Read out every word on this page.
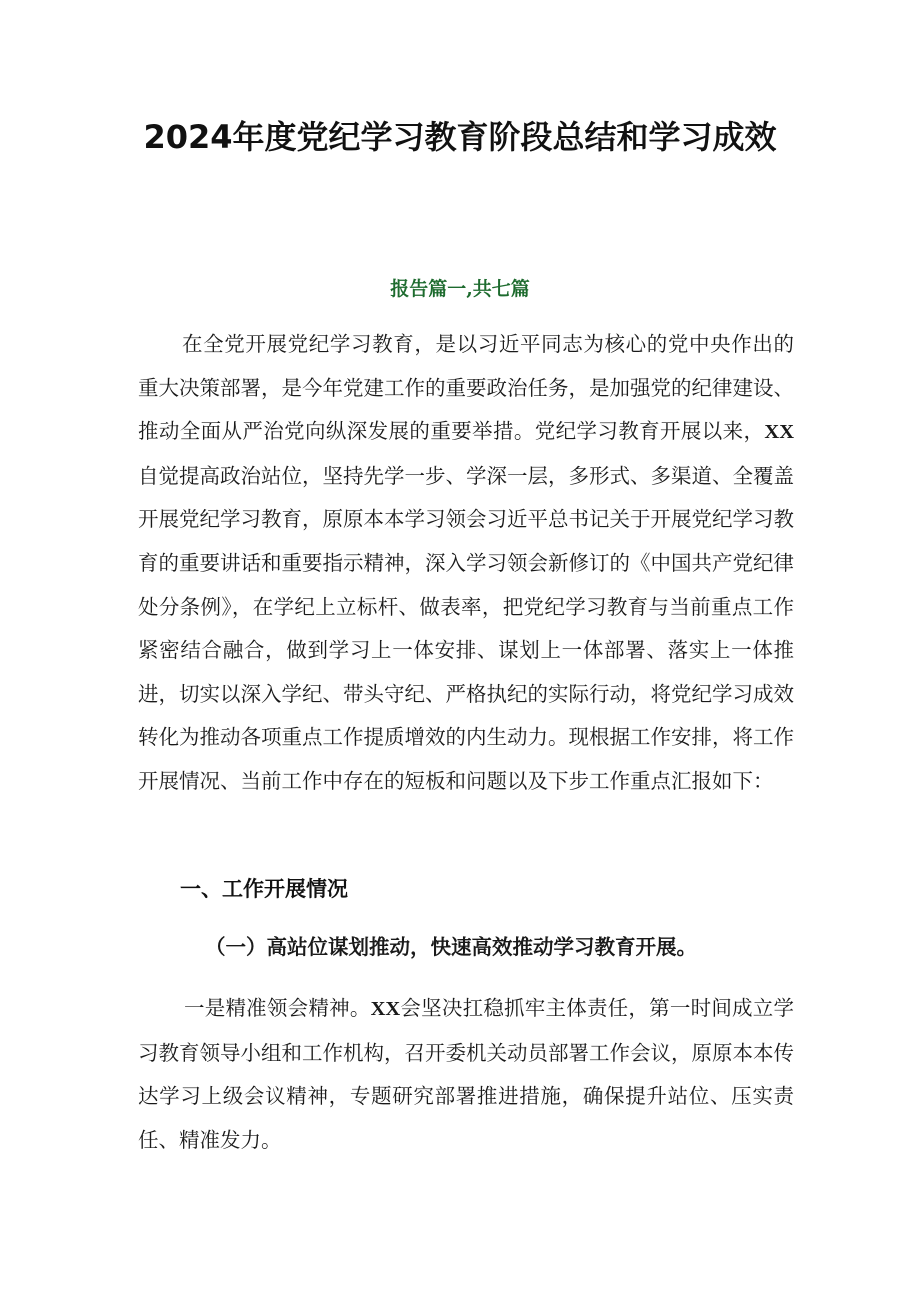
2024年度党纪学习教育阶段总结和学习成效
报告篇一,共七篇

在全党开展党纪学习教育，是以习近平同志为核心的党中央作出的重大决策部署，是今年党建工作的重要政治任务，是加强党的纪律建设、推动全面从严治党向纵深发展的重要举措。党纪学习教育开展以来，XX自觉提高政治站位，坚持先学一步、学深一层，多形式、多渠道、全覆盖开展党纪学习教育，原原本本学习领会习近平总书记关于开展党纪学习教育的重要讲话和重要指示精神，深入学习领会新修订的《中国共产党纪律处分条例》，在学纪上立标杆、做表率，把党纪学习教育与当前重点工作紧密结合融合，做到学习上一体安排、谋划上一体部署、落实上一体推进，切实以深入学纪、带头守纪、严格执纪的实际行动，将党纪学习成效转化为推动各项重点工作提质增效的内生动力。现根据工作安排，将工作开展情况、当前工作中存在的短板和问题以及下步工作重点汇报如下：

一、工作开展情况
（一）高站位谋划推动，快速高效推动学习教育开展。

一是精准领会精神。XX会坚决扛稳抓牢主体责任，第一时间成立学习教育领导小组和工作机构，召开委机关动员部署工作会议，原原本本传达学习上级会议精神，专题研究部署推进措施，确保提升站位、压实责任、精准发力。
